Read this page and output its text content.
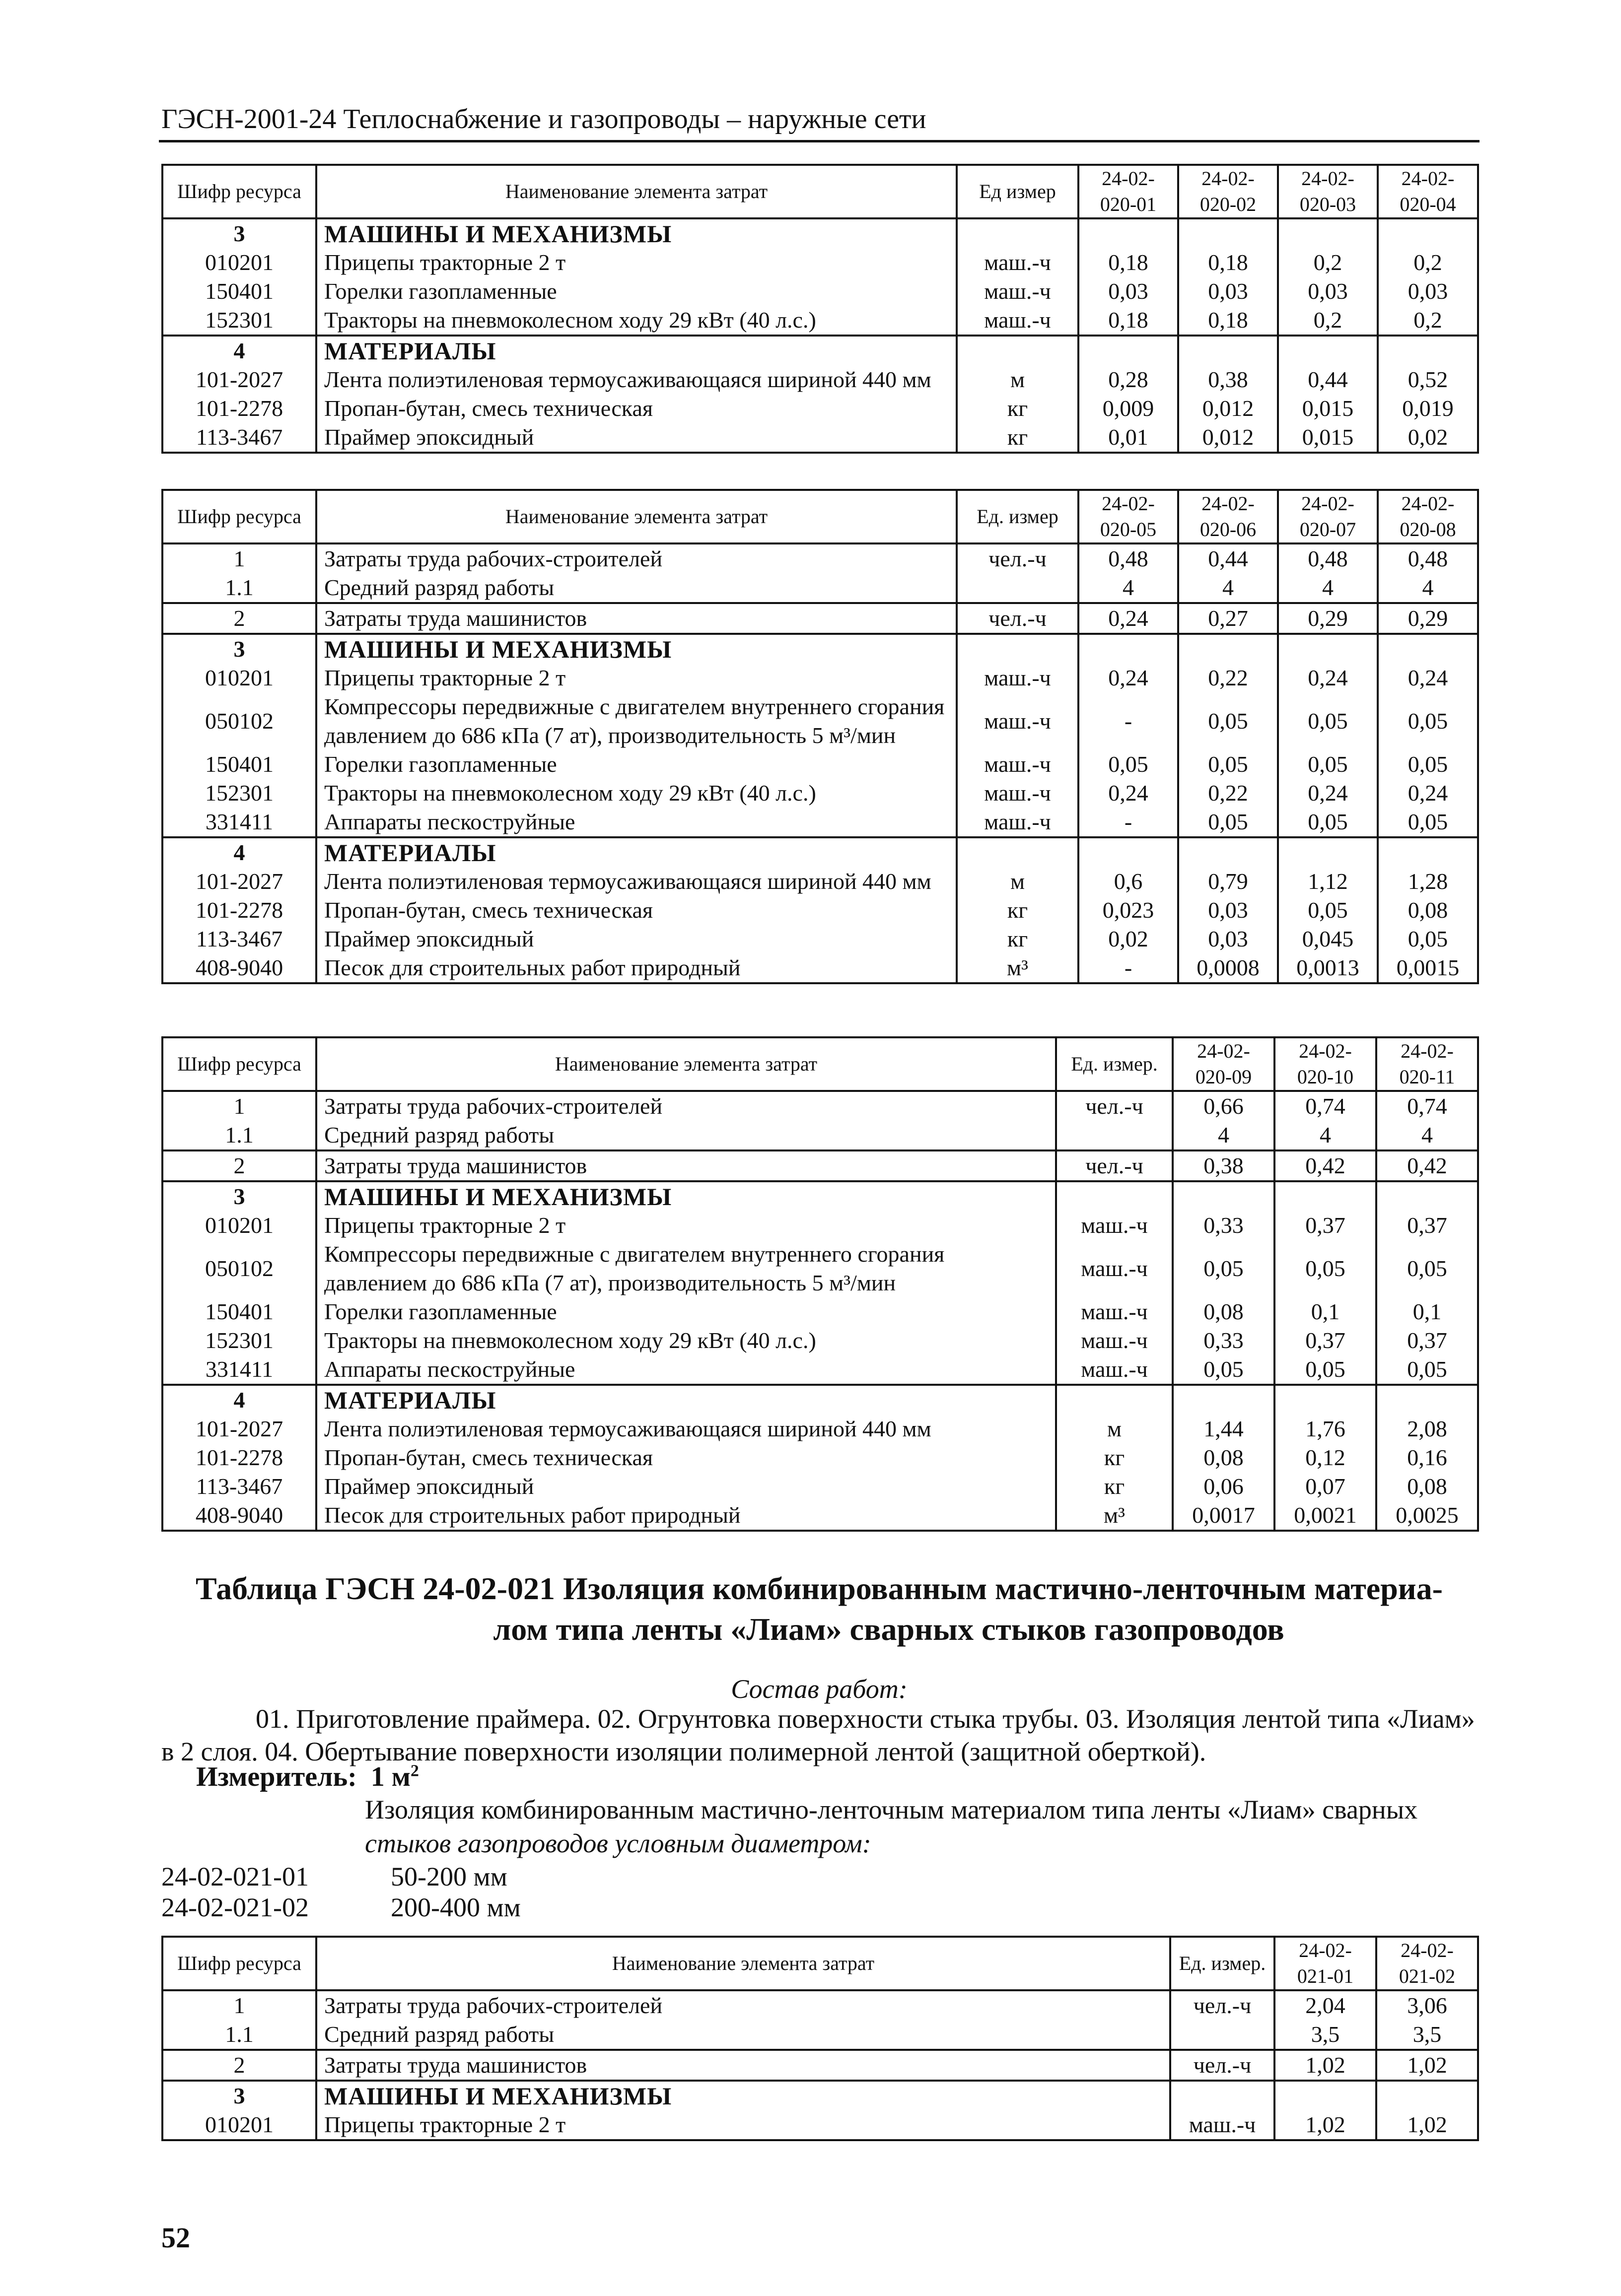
ГЭСН-2001-24 Теплоснабжение и газопроводы – наружные сети
Шифр ресурса	Наименование элемента затрат	Ед измер	24-02-020-01	24-02-020-02	24-02-020-03	24-02-020-04
3	МАШИНЫ И МЕХАНИЗМЫ					
010201	Прицепы тракторные 2 т	маш.-ч	0,18	0,18	0,2	0,2
150401	Горелки газопламенные	маш.-ч	0,03	0,03	0,03	0,03
152301	Тракторы на пневмоколесном ходу 29 кВт (40 л.с.)	маш.-ч	0,18	0,18	0,2	0,2
4	МАТЕРИАЛЫ					
101-2027	Лента полиэтиленовая термоусаживающаяся шириной 440 мм	м	0,28	0,38	0,44	0,52
101-2278	Пропан-бутан, смесь техническая	кг	0,009	0,012	0,015	0,019
113-3467	Праймер эпоксидный	кг	0,01	0,012	0,015	0,02
Шифр ресурса	Наименование элемента затрат	Ед. измер	24-02-020-05	24-02-020-06	24-02-020-07	24-02-020-08
1	Затраты труда рабочих-строителей	чел.-ч	0,48	0,44	0,48	0,48
1.1	Средний разряд работы		4	4	4	4
2	Затраты труда машинистов	чел.-ч	0,24	0,27	0,29	0,29
3	МАШИНЫ И МЕХАНИЗМЫ					
010201	Прицепы тракторные 2 т	маш.-ч	0,24	0,22	0,24	0,24
050102	Компрессоры передвижные с двигателем внутреннего сгорания давлением до 686 кПа (7 ат), производительность 5 м³/мин	маш.-ч	-	0,05	0,05	0,05
150401	Горелки газопламенные	маш.-ч	0,05	0,05	0,05	0,05
152301	Тракторы на пневмоколесном ходу 29 кВт (40 л.с.)	маш.-ч	0,24	0,22	0,24	0,24
331411	Аппараты пескоструйные	маш.-ч	-	0,05	0,05	0,05
4	МАТЕРИАЛЫ					
101-2027	Лента полиэтиленовая термоусаживающаяся шириной 440 мм	м	0,6	0,79	1,12	1,28
101-2278	Пропан-бутан, смесь техническая	кг	0,023	0,03	0,05	0,08
113-3467	Праймер эпоксидный	кг	0,02	0,03	0,045	0,05
408-9040	Песок для строительных работ природный	м³	-	0,0008	0,0013	0,0015
Шифр ресурса	Наименование элемента затрат	Ед. измер.	24-02-020-09	24-02-020-10	24-02-020-11
1	Затраты труда рабочих-строителей	чел.-ч	0,66	0,74	0,74
1.1	Средний разряд работы		4	4	4
2	Затраты труда машинистов	чел.-ч	0,38	0,42	0,42
3	МАШИНЫ И МЕХАНИЗМЫ				
010201	Прицепы тракторные 2 т	маш.-ч	0,33	0,37	0,37
050102	Компрессоры передвижные с двигателем внутреннего сгорания давлением до 686 кПа (7 ат), производительность 5 м³/мин	маш.-ч	0,05	0,05	0,05
150401	Горелки газопламенные	маш.-ч	0,08	0,1	0,1
152301	Тракторы на пневмоколесном ходу 29 кВт (40 л.с.)	маш.-ч	0,33	0,37	0,37
331411	Аппараты пескоструйные	маш.-ч	0,05	0,05	0,05
4	МАТЕРИАЛЫ				
101-2027	Лента полиэтиленовая термоусаживающаяся шириной 440 мм	м	1,44	1,76	2,08
101-2278	Пропан-бутан, смесь техническая	кг	0,08	0,12	0,16
113-3467	Праймер эпоксидный	кг	0,06	0,07	0,08
408-9040	Песок для строительных работ природный	м³	0,0017	0,0021	0,0025
Таблица ГЭСН 24-02-021 Изоляция комбинированным мастично-ленточным материа-
лом типа ленты «Лиам» сварных стыков газопроводов
Состав работ:
01. Приготовление праймера. 02. Огрунтовка поверхности стыка трубы. 03. Изоляция лентой типа «Лиам» в 2 слоя. 04. Обертывание поверхности изоляции полимерной лентой (защитной оберткой).
Измеритель: 1 $м^2$
Изоляция комбинированным мастично-ленточным материалом типа ленты «Лиам» сварных
стыков газопроводов условным диаметром:
24-02-021-01	50-200 мм
24-02-021-02	200-400 мм
Шифр ресурса	Наименование элемента затрат	Ед. измер.	24-02-021-01	24-02-021-02
1	Затраты труда рабочих-строителей	чел.-ч	2,04	3,06
1.1	Средний разряд работы		3,5	3,5
2	Затраты труда машинистов	чел.-ч	1,02	1,02
3	МАШИНЫ И МЕХАНИЗМЫ			
010201	Прицепы тракторные 2 т	маш.-ч	1,02	1,02
52
